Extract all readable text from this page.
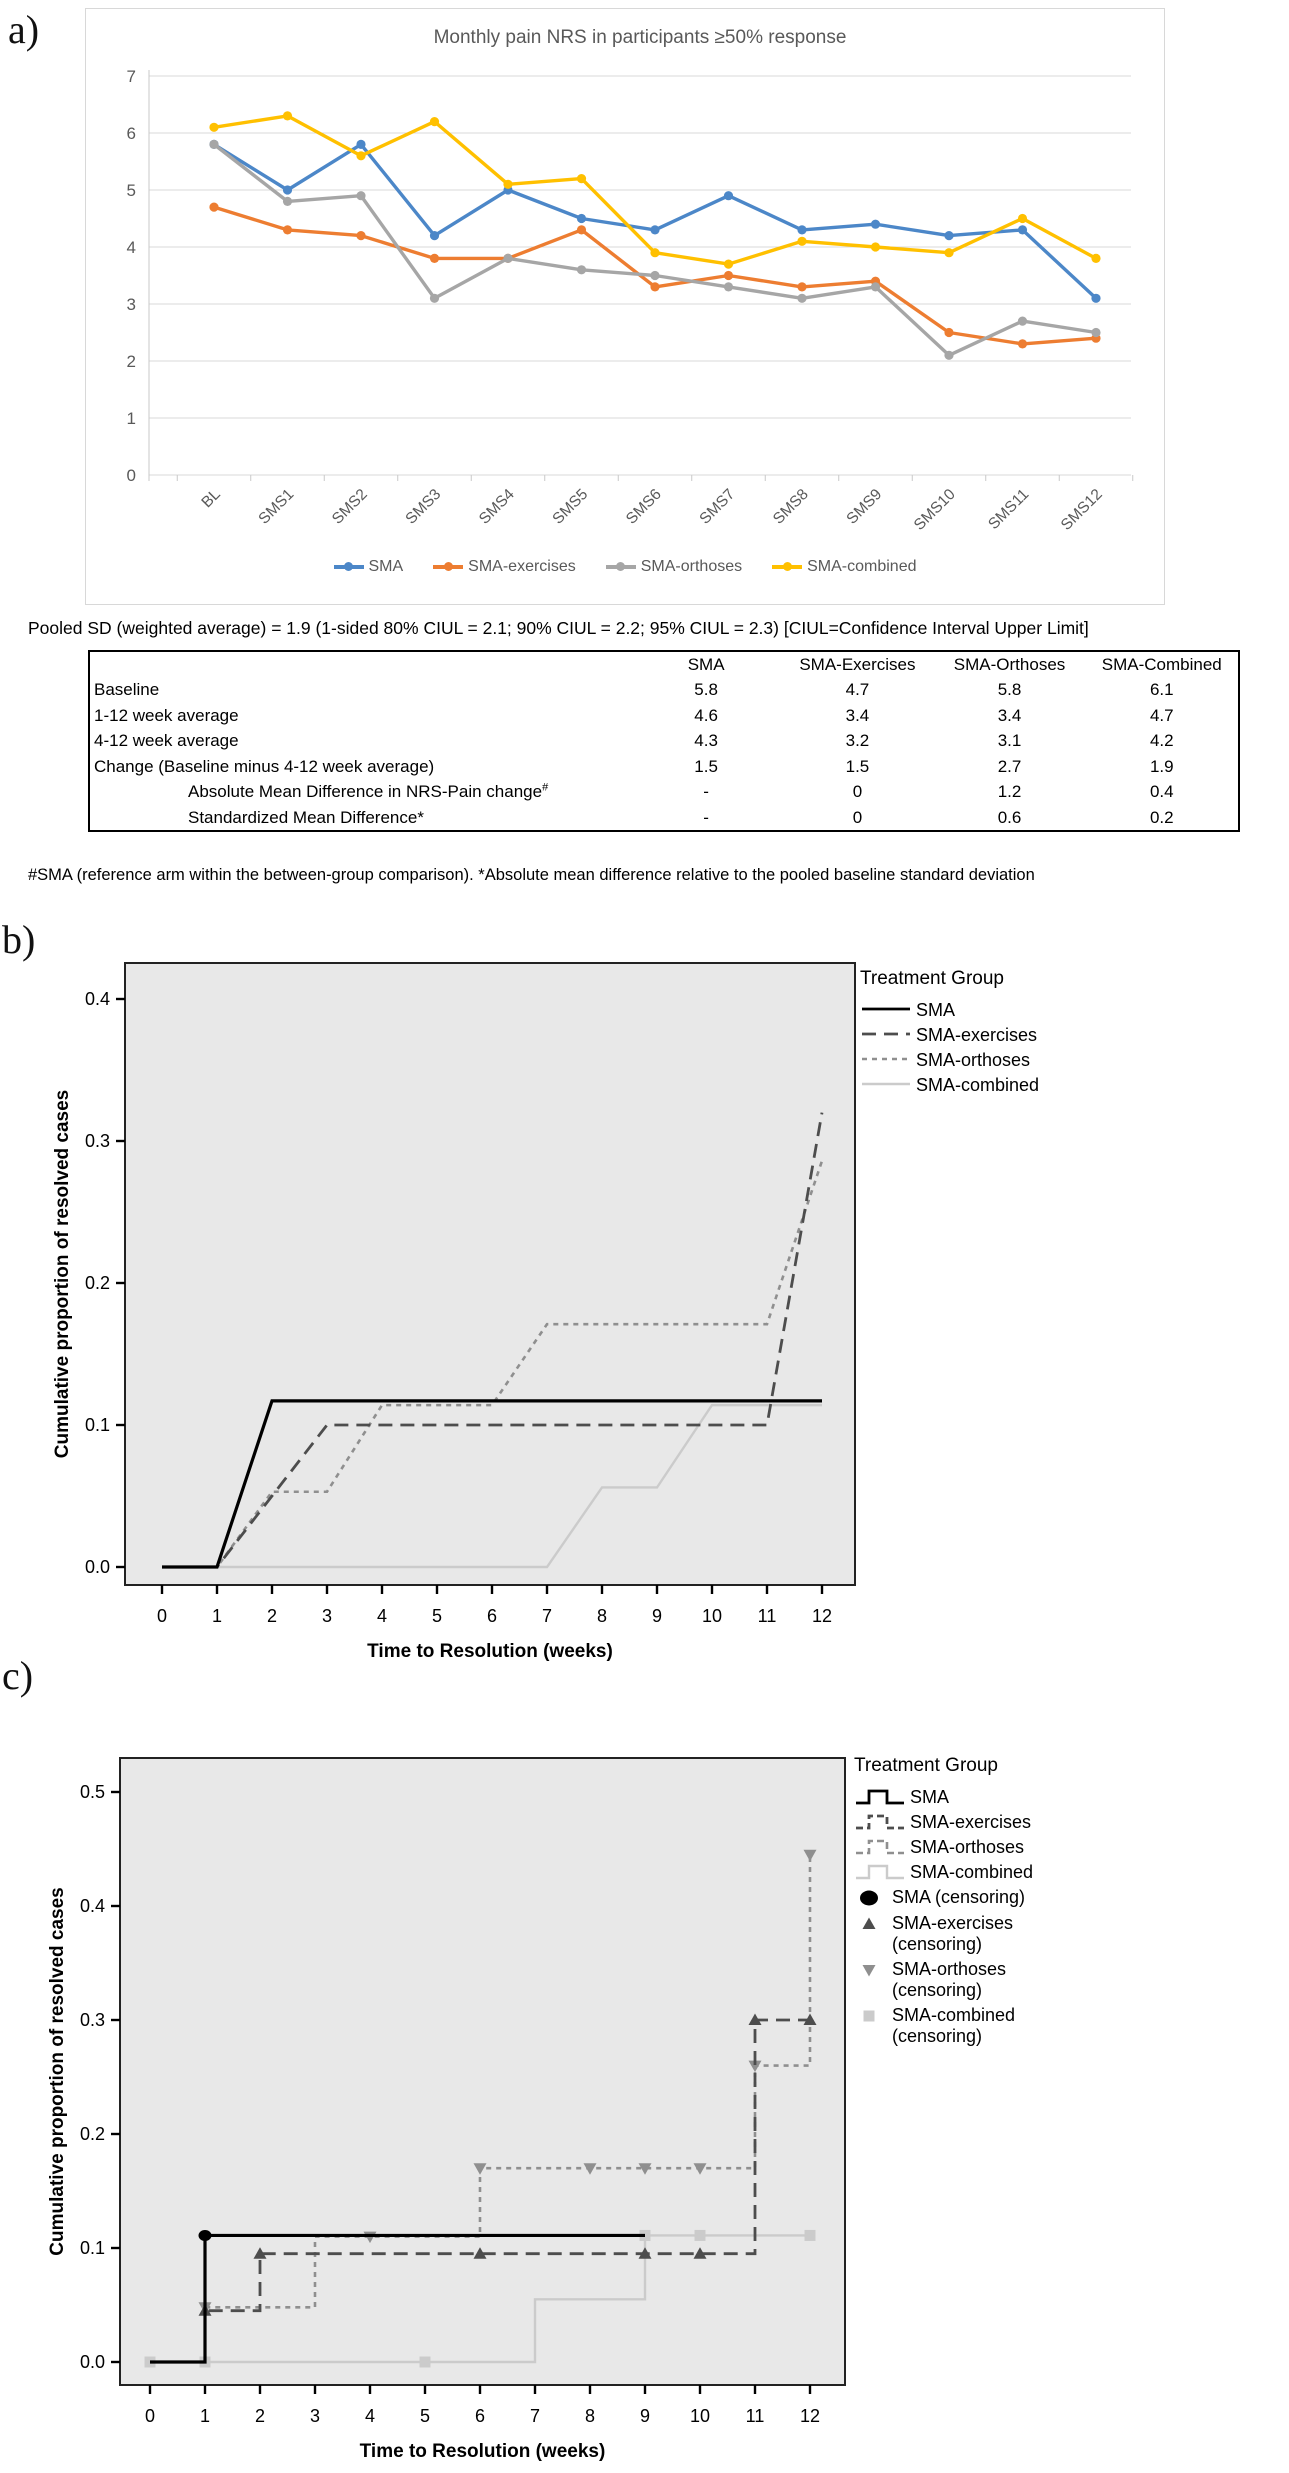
a)	Monthly pain NRS in participants ≥50% response
0
1
2
3
4
5
6
7
BL SMS1 SMS2 SMS3 SMS4 SMS5 SMS6 SMS7 SMS8 SMS9 SMS10 SMS11 SMS12
SMA	SMA-exercises	SMA-orthoses	SMA-combined
Pooled SD (weighted average) = 1.9 (1-sided 80% CIUL = 2.1; 90% CIUL = 2.2; 95% CIUL = 2.3) [CIUL=Confidence Interval Upper Limit]
	SMA	SMA-Exercises	SMA-Orthoses	SMA-Combined
Baseline	5.8	4.7	5.8	6.1
1-12 week average	4.6	3.4	3.4	4.7
4-12 week average	4.3	3.2	3.1	4.2
Change (Baseline minus 4-12 week average)	1.5	1.5	2.7	1.9
Absolute Mean Difference in NRS-Pain change#	-	0	1.2	0.4
Standardized Mean Difference*	-	0	0.6	0.2
#SMA (reference arm within the between-group comparison). *Absolute mean difference relative to the pooled baseline standard deviation
b)
0.0
0.1
0.2
0.3
0.4
0 1 2 3 4 5 6 7 8 9 10 11 12
Time to Resolution (weeks)
Cumulative proportion of resolved cases
Treatment Group
SMA
SMA-exercises
SMA-orthoses
SMA-combined
c)
0.0
0.1
0.2
0.3
0.4
0.5
0 1 2 3 4 5 6 7 8 9 10 11 12
Time to Resolution (weeks)
Cumulative proportion of resolved cases
Treatment Group
SMA
SMA-exercises
SMA-orthoses
SMA-combined
SMA (censoring)
SMA-exercises (censoring)
SMA-orthoses (censoring)
SMA-combined (censoring)
